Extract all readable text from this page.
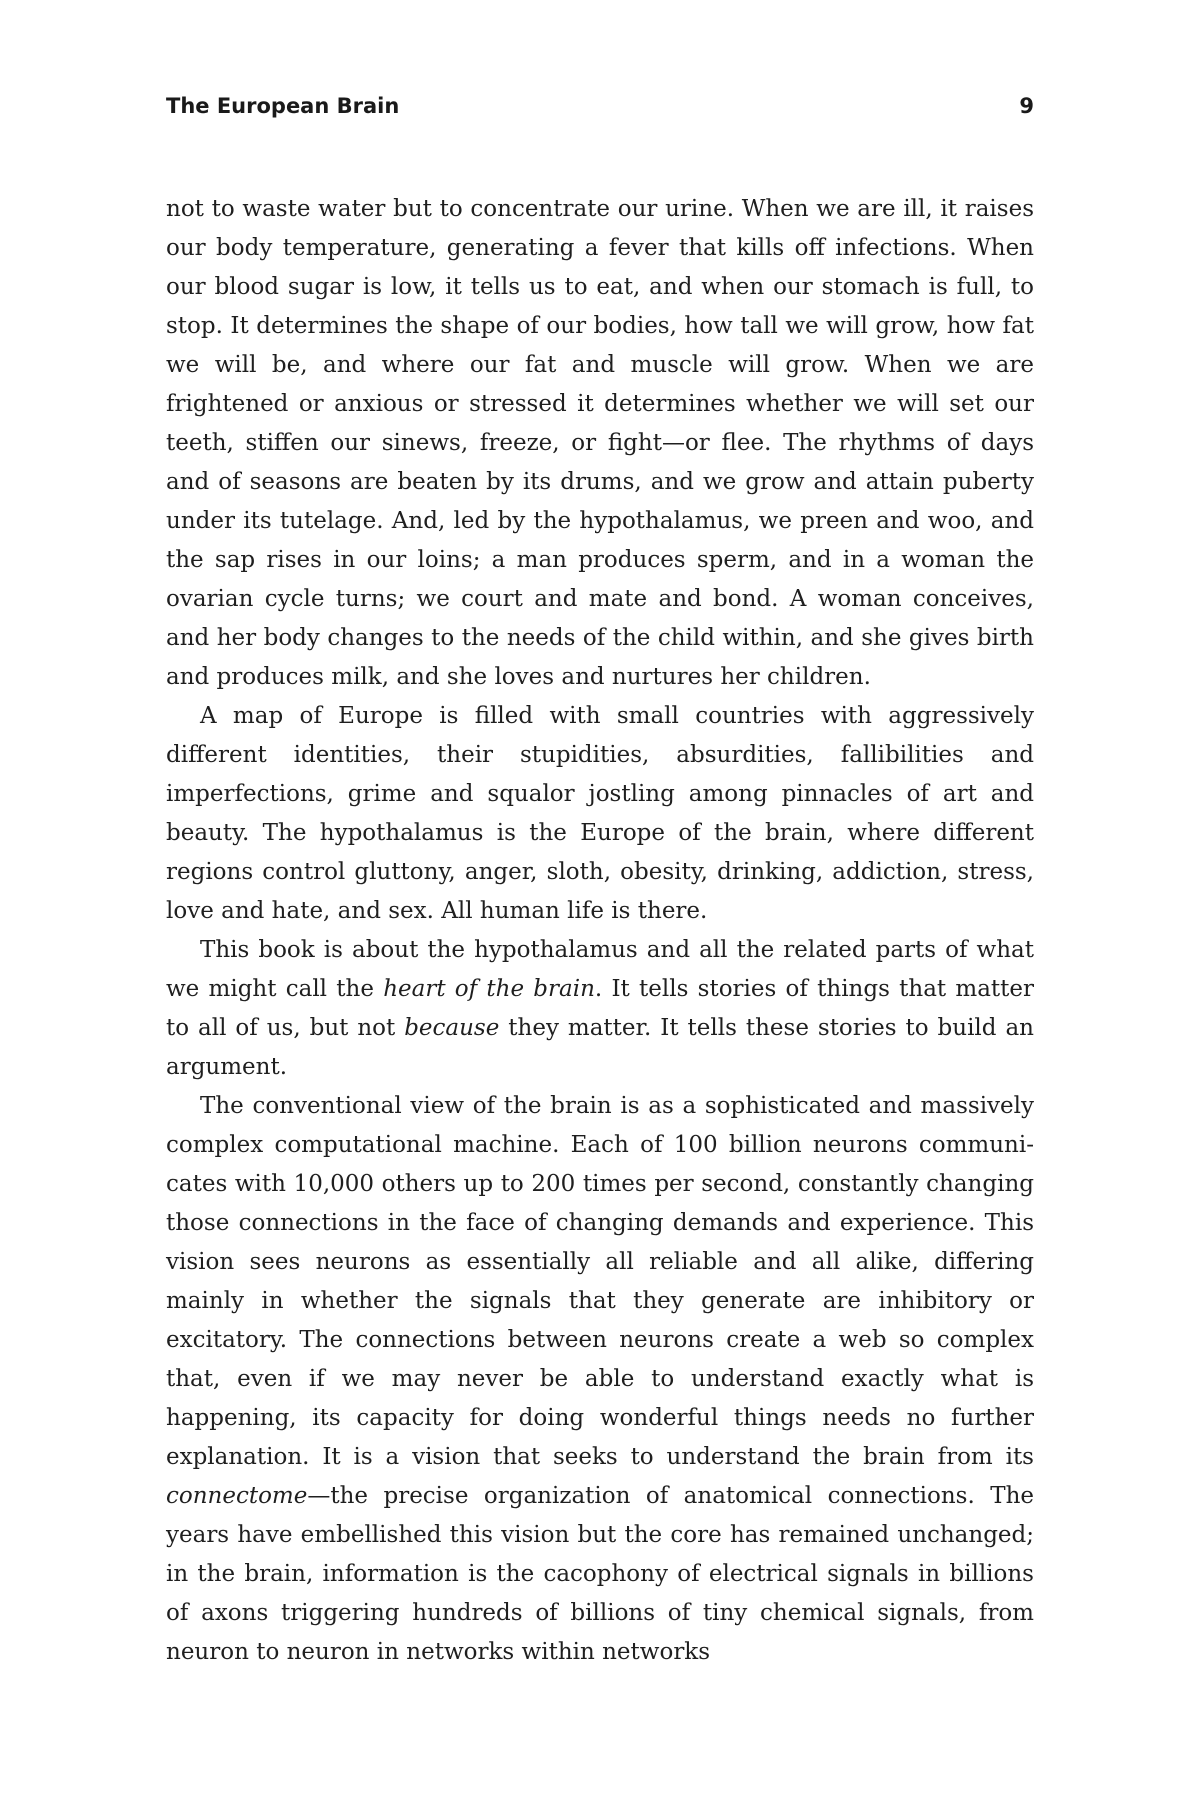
The European Brain	9

not to waste water but to concentrate our urine. When we are ill, it raises our body temperature, generating a fever that kills off infections. When our blood sugar is low, it tells us to eat, and when our stomach is full, to stop. It determines the shape of our bodies, how tall we will grow, how fat we will be, and where our fat and muscle will grow. When we are frightened or anxious or stressed it determines whether we will set our teeth, stiffen our sinews, freeze, or fight—or flee. The rhythms of days and of seasons are beaten by its drums, and we grow and attain puberty under its tutelage. And, led by the hypothalamus, we preen and woo, and the sap rises in our loins; a man produces sperm, and in a woman the ovarian cycle turns; we court and mate and bond. A woman conceives, and her body changes to the needs of the child within, and she gives birth and produces milk, and she loves and nurtures her children.

A map of Europe is filled with small countries with aggressively different identities, their stupidities, absurdities, fallibilities and imperfections, grime and squalor jostling among pinnacles of art and beauty. The hypothalamus is the Europe of the brain, where different regions control gluttony, anger, sloth, obesity, drinking, addiction, stress, love and hate, and sex. All human life is there.

This book is about the hypothalamus and all the related parts of what we might call the heart of the brain. It tells stories of things that matter to all of us, but not because they matter. It tells these stories to build an argument.

The conventional view of the brain is as a sophisticated and massively complex computational machine. Each of 100 billion neurons communicates with 10,000 others up to 200 times per second, constantly changing those connections in the face of changing demands and experience. This vision sees neurons as essentially all reliable and all alike, differing mainly in whether the signals that they generate are inhibitory or excitatory. The connections between neurons create a web so complex that, even if we may never be able to understand exactly what is happening, its capacity for doing wonderful things needs no further explanation. It is a vision that seeks to understand the brain from its connectome—the precise organization of anatomical connections. The years have embellished this vision but the core has remained unchanged; in the brain, information is the cacophony of electrical signals in billions of axons triggering hundreds of billions of tiny chemical signals, from neuron to neuron in networks within networks
